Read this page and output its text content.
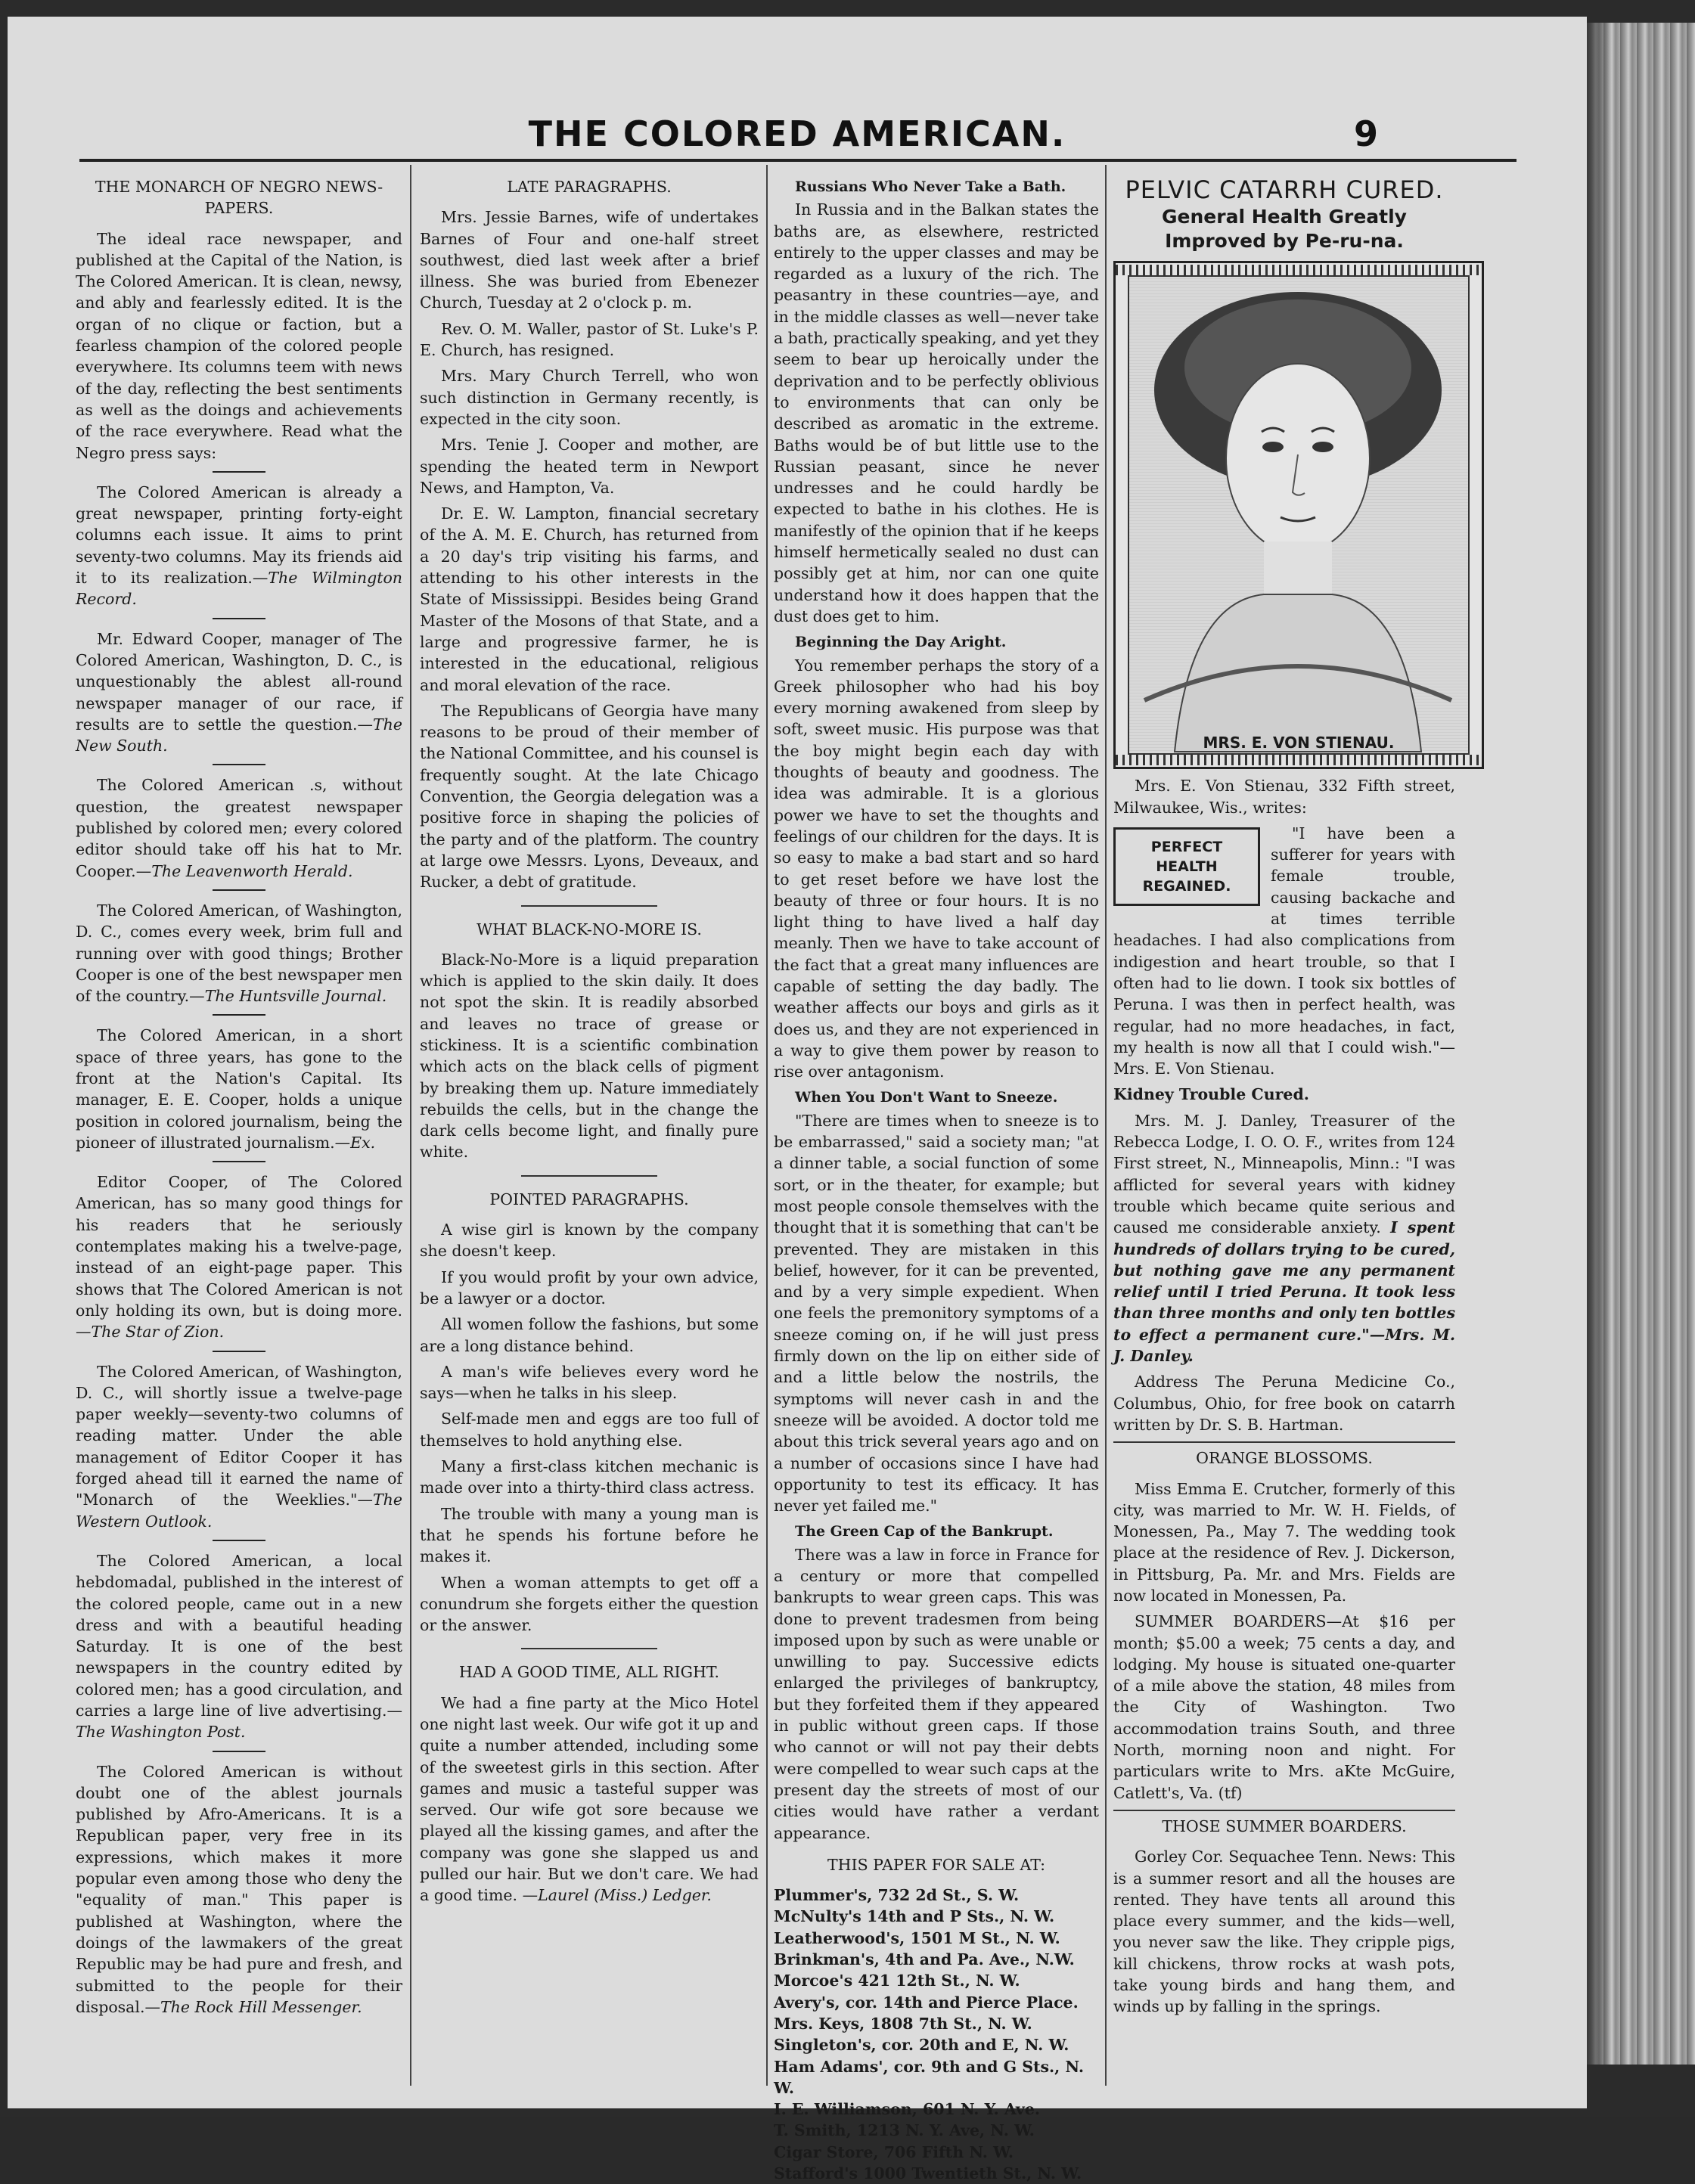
THE COLORED AMERICAN.	9

THE MONARCH OF NEGRO NEWS-PAPERS.

The ideal race newspaper, and published at the Capital of the Nation, is The Colored American. It is clean, newsy, and ably and fearlessly edited. It is the organ of no clique or faction, but a fearless champion of the colored people everywhere. Its columns teem with news of the day, reflecting the best sentiments as well as the doings and achievements of the race everywhere. Read what the Negro press says:

The Colored American is already a great newspaper, printing forty-eight columns each issue. It aims to print seventy-two columns. May its friends aid it to its realization.—The Wilmington Record.

Mr. Edward Cooper, manager of The Colored American, Washington, D. C., is unquestionably the ablest all-round newspaper manager of our race, if results are to settle the question.—The New South.

The Colored American .s, without question, the greatest newspaper published by colored men; every colored editor should take off his hat to Mr. Cooper.—The Leavenworth Herald.

The Colored American, of Washington, D. C., comes every week, brim full and running over with good things; Brother Cooper is one of the best newspaper men of the country.—The Huntsville Journal.

The Colored American, in a short space of three years, has gone to the front at the Nation's Capital. Its manager, E. E. Cooper, holds a unique position in colored journalism, being the pioneer of illustrated journalism.—Ex.

Editor Cooper, of The Colored American, has so many good things for his readers that he seriously contemplates making his a twelve-page, instead of an eight-page paper. This shows that The Colored American is not only holding its own, but is doing more.—The Star of Zion.

The Colored American, of Washington, D. C., will shortly issue a twelve-page paper weekly—seventy-two columns of reading matter. Under the able management of Editor Cooper it has forged ahead till it earned the name of "Monarch of the Weeklies."—The Western Outlook.

The Colored American, a local hebdomadal, published in the interest of the colored people, came out in a new dress and with a beautiful heading Saturday. It is one of the best newspapers in the country edited by colored men; has a good circulation, and carries a large line of live advertising.—The Washington Post.

The Colored American is without doubt one of the ablest journals published by Afro-Americans. It is a Republican paper, very free in its expressions, which makes it more popular even among those who deny the "equality of man." This paper is published at Washington, where the doings of the lawmakers of the great Republic may be had pure and fresh, and submitted to the people for their disposal.—The Rock Hill Messenger.

LATE PARAGRAPHS.

Mrs. Jessie Barnes, wife of undertakes Barnes of Four and one-half street southwest, died last week after a brief illness. She was buried from Ebenezer Church, Tuesday at 2 o'clock p. m.

Rev. O. M. Waller, pastor of St. Luke's P. E. Church, has resigned.

Mrs. Mary Church Terrell, who won such distinction in Germany recently, is expected in the city soon.

Mrs. Tenie J. Cooper and mother, are spending the heated term in Newport News, and Hampton, Va.

Dr. E. W. Lampton, financial secretary of the A. M. E. Church, has returned from a 20 day's trip visiting his farms, and attending to his other interests in the State of Mississippi. Besides being Grand Master of the Mosons of that State, and a large and progressive farmer, he is interested in the educational, religious and moral elevation of the race.

The Republicans of Georgia have many reasons to be proud of their member of the National Committee, and his counsel is frequently sought. At the late Chicago Convention, the Georgia delegation was a positive force in shaping the policies of the party and of the platform. The country at large owe Messrs. Lyons, Deveaux, and Rucker, a debt of gratitude.

WHAT BLACK-NO-MORE IS.

Black-No-More is a liquid preparation which is applied to the skin daily. It does not spot the skin. It is readily absorbed and leaves no trace of grease or stickiness. It is a scientific combination which acts on the black cells of pigment by breaking them up. Nature immediately rebuilds the cells, but in the change the dark cells become light, and finally pure white.

POINTED PARAGRAPHS.

A wise girl is known by the company she doesn't keep.

If you would profit by your own advice, be a lawyer or a doctor.

All women follow the fashions, but some are a long distance behind.

A man's wife believes every word he says—when he talks in his sleep.

Self-made men and eggs are too full of themselves to hold anything else.

Many a first-class kitchen mechanic is made over into a thirty-third class actress.

The trouble with many a young man is that he spends his fortune before he makes it.

When a woman attempts to get off a conundrum she forgets either the question or the answer.

HAD A GOOD TIME, ALL RIGHT.

We had a fine party at the Mico Hotel one night last week. Our wife got it up and quite a number attended, including some of the sweetest girls in this section. After games and music a tasteful supper was served. Our wife got sore because we played all the kissing games, and after the company was gone she slapped us and pulled our hair. But we don't care. We had a good time. —Laurel (Miss.) Ledger.

Russians Who Never Take a Bath.

In Russia and in the Balkan states the baths are, as elsewhere, restricted entirely to the upper classes and may be regarded as a luxury of the rich. The peasantry in these countries—aye, and in the middle classes as well—never take a bath, practically speaking, and yet they seem to bear up heroically under the deprivation and to be perfectly oblivious to environments that can only be described as aromatic in the extreme. Baths would be of but little use to the Russian peasant, since he never undresses and he could hardly be expected to bathe in his clothes. He is manifestly of the opinion that if he keeps himself hermetically sealed no dust can possibly get at him, nor can one quite understand how it does happen that the dust does get to him.

Beginning the Day Aright.

You remember perhaps the story of a Greek philosopher who had his boy every morning awakened from sleep by soft, sweet music. His purpose was that the boy might begin each day with thoughts of beauty and goodness. The idea was admirable. It is a glorious power we have to set the thoughts and feelings of our children for the days. It is so easy to make a bad start and so hard to get reset before we have lost the beauty of three or four hours. It is no light thing to have lived a half day meanly. Then we have to take account of the fact that a great many influences are capable of setting the day badly. The weather affects our boys and girls as it does us, and they are not experienced in a way to give them power by reason to rise over antagonism.

When You Don't Want to Sneeze.

"There are times when to sneeze is to be embarrassed," said a society man; "at a dinner table, a social function of some sort, or in the theater, for example; but most people console themselves with the thought that it is something that can't be prevented. They are mistaken in this belief, however, for it can be prevented, and by a very simple expedient. When one feels the premonitory symptoms of a sneeze coming on, if he will just press firmly down on the lip on either side of and a little below the nostrils, the symptoms will never cash in and the sneeze will be avoided. A doctor told me about this trick several years ago and on a number of occasions since I have had opportunity to test its efficacy. It has never yet failed me."

The Green Cap of the Bankrupt.

There was a law in force in France for a century or more that compelled bankrupts to wear green caps. This was done to prevent tradesmen from being imposed upon by such as were unable or unwilling to pay. Successive edicts enlarged the privileges of bankruptcy, but they forfeited them if they appeared in public without green caps. If those who cannot or will not pay their debts were compelled to wear such caps at the present day the streets of most of our cities would have rather a verdant appearance.

THIS PAPER FOR SALE AT:

Plummer's, 732 2d St., S. W.

McNulty's 14th and P Sts., N. W.

Leatherwood's, 1501 M St., N. W.

Brinkman's, 4th and Pa. Ave., N.W.

Morcoe's 421 12th St., N. W.

Avery's, cor. 14th and Pierce Place.

Mrs. Keys, 1808 7th St., N. W.

Singleton's, cor. 20th and E, N. W.

Ham Adams', cor. 9th and G Sts., N. W.

I. E. Williamson, 601 N. Y. Ave.

T. Smith, 1213 N. Y. Ave, N. W.

Cigar Store, 706 Fifth N. W.

Stafford's 1000 Twentieth St., N. W.

PELVIC CATARRH CURED.
General Health Greatly Improved by Pe-ru-na.
MRS. E. VON STIENAU.

Mrs. E. Von Stienau, 332 Fifth street, Milwaukee, Wis., writes:

PERFECT HEALTH REGAINED.

"I have been a sufferer for years with female trouble, causing backache and at times terrible headaches. I had also complications from indigestion and heart trouble, so that I often had to lie down. I took six bottles of Peruna. I was then in perfect health, was regular, had no more headaches, in fact, my health is now all that I could wish."—Mrs. E. Von Stienau.

Kidney Trouble Cured.

Mrs. M. J. Danley, Treasurer of the Rebecca Lodge, I. O. O. F., writes from 124 First street, N., Minneapolis, Minn.: "I was afflicted for several years with kidney trouble which became quite serious and caused me considerable anxiety. I spent hundreds of dollars trying to be cured, but nothing gave me any permanent relief until I tried Peruna. It took less than three months and only ten bottles to effect a permanent cure."—Mrs. M. J. Danley.

Address The Peruna Medicine Co., Columbus, Ohio, for free book on catarrh written by Dr. S. B. Hartman.

ORANGE BLOSSOMS.

Miss Emma E. Crutcher, formerly of this city, was married to Mr. W. H. Fields, of Monessen, Pa., May 7. The wedding took place at the residence of Rev. J. Dickerson, in Pittsburg, Pa. Mr. and Mrs. Fields are now located in Monessen, Pa.

SUMMER BOARDERS—At $16 per month; $5.00 a week; 75 cents a day, and lodging. My house is situated one-quarter of a mile above the station, 48 miles from the City of Washington. Two accommodation trains South, and three North, morning noon and night. For particulars write to Mrs. aKte McGuire, Catlett's, Va. (tf)

THOSE SUMMER BOARDERS.

Gorley Cor. Sequachee Tenn. News: This is a summer resort and all the houses are rented. They have tents all around this place every summer, and the kids—well, you never saw the like. They cripple pigs, kill chickens, throw rocks at wash pots, take young birds and hang them, and winds up by falling in the springs.
